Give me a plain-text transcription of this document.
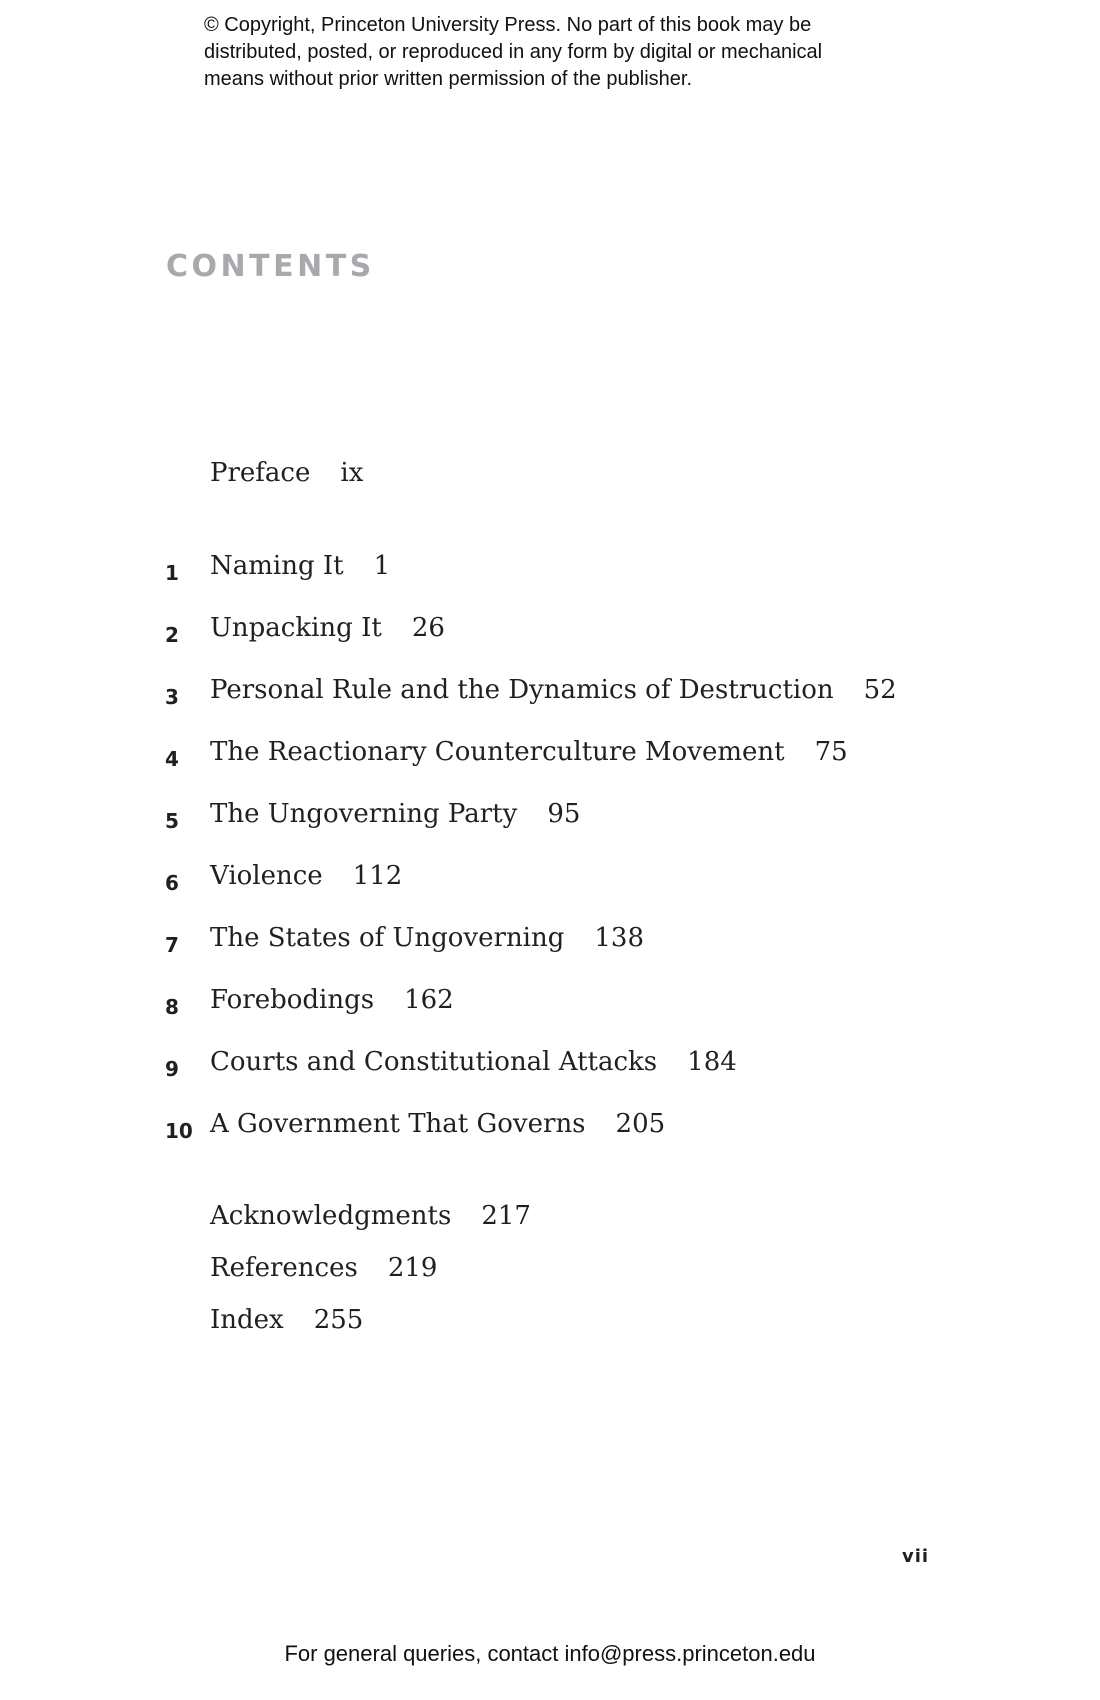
© Copyright, Princeton University Press. No part of this book may be
distributed, posted, or reproduced in any form by digital or mechanical
means without prior written permission of the publisher.
CONTENTS
Preface ix
1 Naming It 1
2 Unpacking It 26
3 Personal Rule and the Dynamics of Destruction 52
4 The Reactionary Counterculture Movement 75
5 The Ungoverning Party 95
6 Violence 112
7 The States of Ungoverning 138
8 Forebodings 162
9 Courts and Constitutional Attacks 184
10 A Government That Governs 205
Acknowledgments 217
References 219
Index 255
vii
For general queries, contact info@press.princeton.edu
